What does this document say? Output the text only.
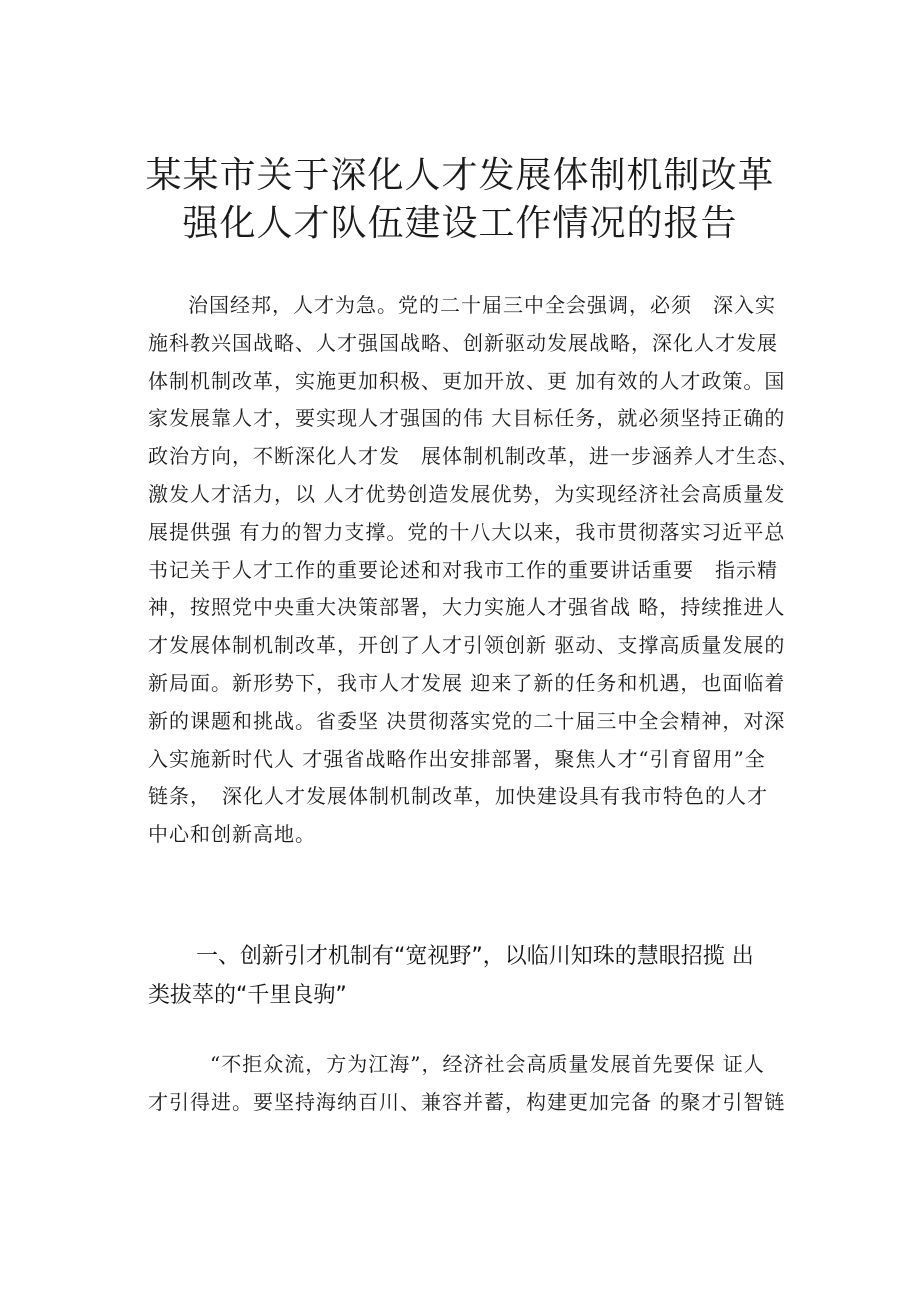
某某市关于深化人才发展体制机制改革
强化人才队伍建设工作情况的报告
治国经邦，人才为急。党的二十届三中全会强调，必须　深入实
施科教兴国战略、人才强国战略、创新驱动发展战略，深化人才发展
体制机制改革，实施更加积极、更加开放、更 加有效的人才政策。国
家发展靠人才，要实现人才强国的伟 大目标任务，就必须坚持正确的
政治方向，不断深化人才发　展体制机制改革，进一步涵养人才生态、
激发人才活力，以 人才优势创造发展优势，为实现经济社会高质量发
展提供强 有力的智力支撑。党的十八大以来，我市贯彻落实习近平总
书记关于人才工作的重要论述和对我市工作的重要讲话重要　指示精
神，按照党中央重大决策部署，大力实施人才强省战 略，持续推进人
才发展体制机制改革，开创了人才引领创新 驱动、支撑高质量发展的
新局面。新形势下，我市人才发展 迎来了新的任务和机遇，也面临着
新的课题和挑战。省委坚 决贯彻落实党的二十届三中全会精神，对深
入实施新时代人 才强省战略作出安排部署，聚焦人才“引育留用”全
链条，　深化人才发展体制机制改革，加快建设具有我市特色的人才
中心和创新高地。
一、创新引才机制有“宽视野”，以临川知珠的慧眼招揽 出
类拔萃的“千里良驹”
“不拒众流，方为江海”，经济社会高质量发展首先要保 证人
才引得进。要坚持海纳百川、兼容并蓄，构建更加完备 的聚才引智链
